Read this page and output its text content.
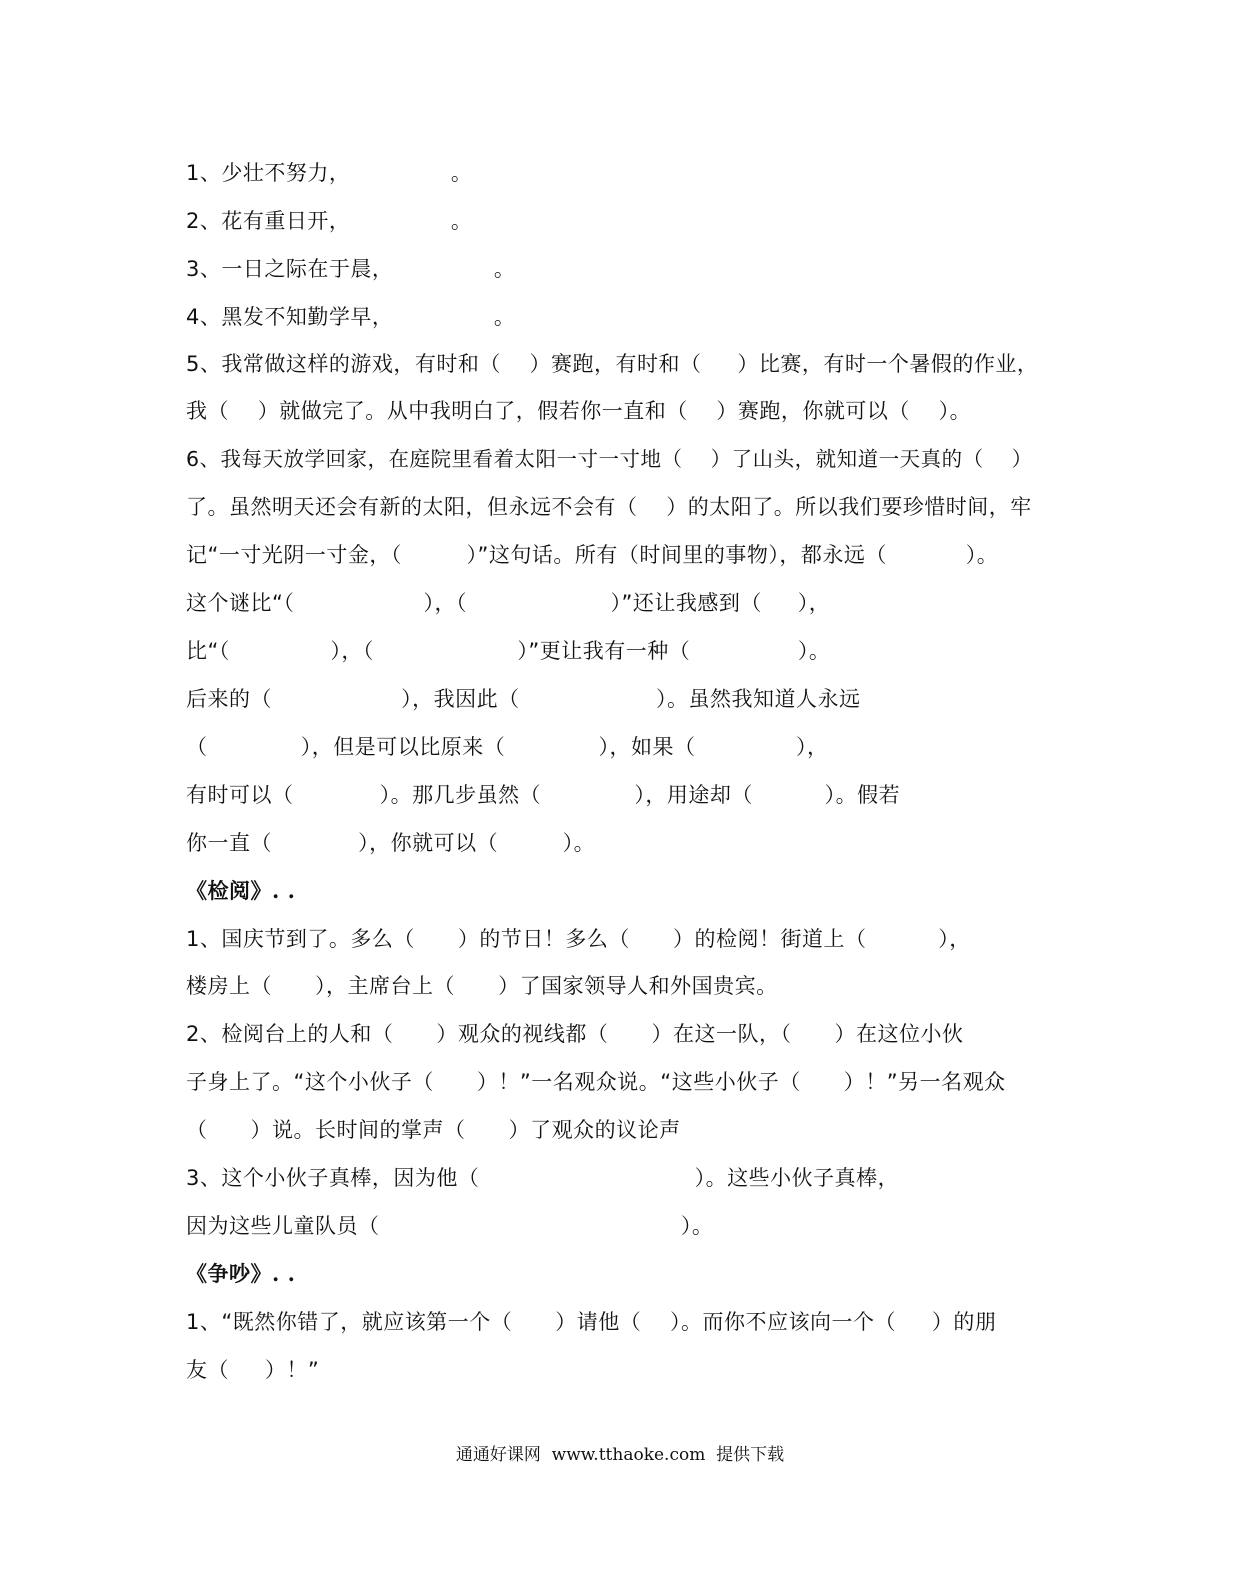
1、少壮不努力，              。
2、花有重日开，              。
3、一日之际在于晨，              。
4、黑发不知勤学早，              。
5、我常做这样的游戏，有时和（    ）赛跑，有时和（     ）比赛，有时一个暑假的作业，
我（    ）就做完了。从中我明白了，假若你一直和（    ）赛跑，你就可以（    ）。
6、我每天放学回家，在庭院里看着太阳一寸一寸地（    ）了山头，就知道一天真的（    ）
了。虽然明天还会有新的太阳，但永远不会有（    ）的太阳了。所以我们要珍惜时间，牢
记“一寸光阴一寸金，（         ）”这句话。所有（时间里的事物），都永远（           ）。
这个谜比“（                  ），（                    ）”还让我感到（     ），
比“（              ），（                    ）”更让我有一种（               ）。
后来的（                  ），我因此（                   ）。虽然我知道人永远
（             ），但是可以比原来（             ），如果（              ），
有时可以（            ）。那几步虽然（             ），用途却（          ）。假若
你一直（            ），你就可以（         ）。
《检阅》. .
1、国庆节到了。多么（      ）的节日！多么（      ）的检阅！街道上（          ），
楼房上（      ），主席台上（      ）了国家领导人和外国贵宾。
2、检阅台上的人和（      ）观众的视线都（      ）在这一队，（      ）在这位小伙
子身上了。“这个小伙子（      ）！”一名观众说。“这些小伙子（      ）！”另一名观众
（      ）说。长时间的掌声（      ）了观众的议论声
3、这个小伙子真棒，因为他（                              ）。这些小伙子真棒，
因为这些儿童队员（                                          ）。
《争吵》. .
1、“既然你错了，就应该第一个（      ）请他（    ）。而你不应该向一个（     ）的朋
友（     ）！”
通通好课网  www.tthaoke.com  提供下载
